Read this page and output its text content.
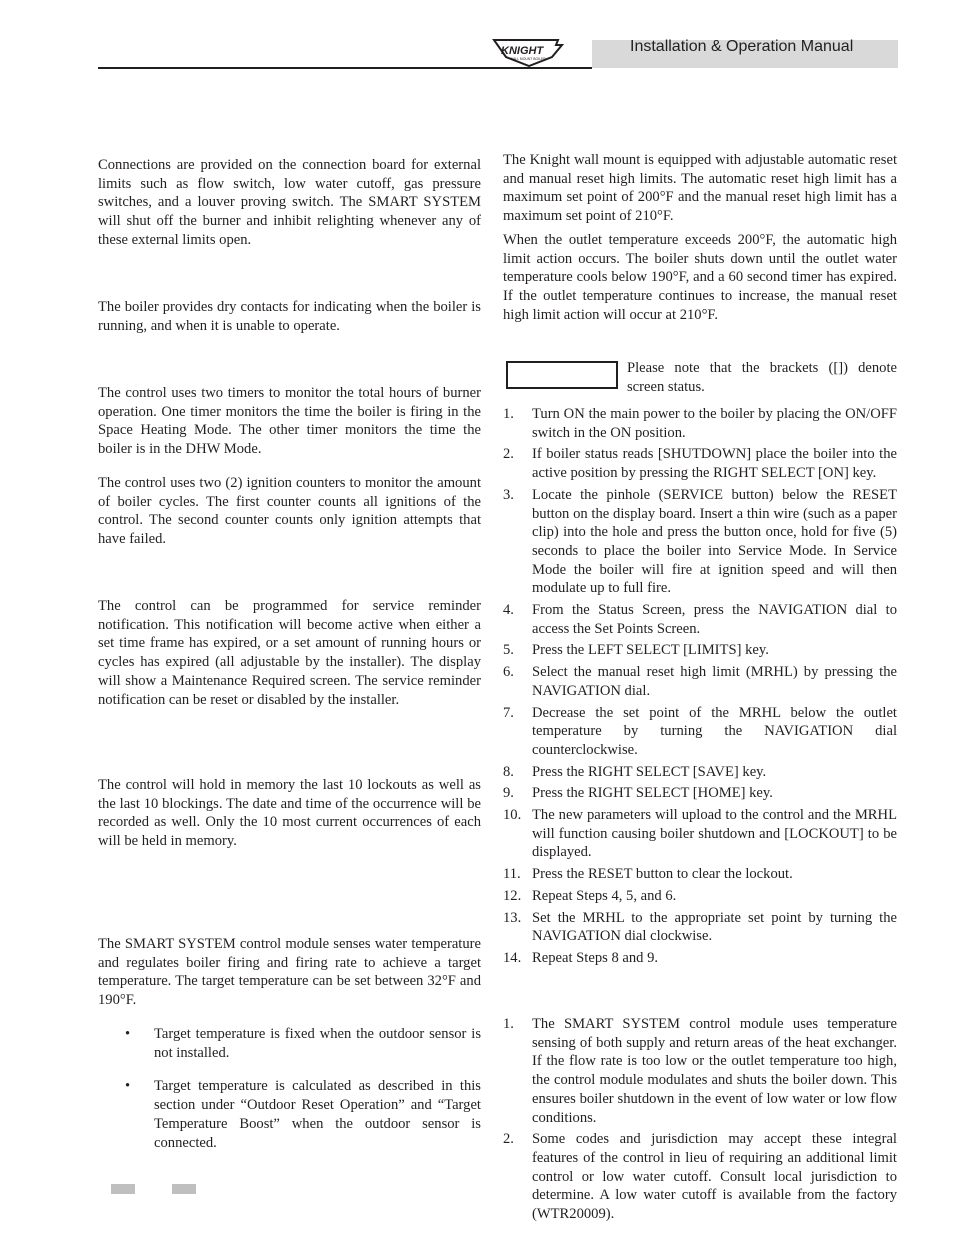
KNIGHT
WALL MOUNT BOILER
Installation & Operation Manual

Connections are provided on the connection board for external limits such as flow switch, low water cutoff, gas pressure switches, and a louver proving switch. The SMART SYSTEM will shut off the burner and inhibit relighting whenever any of these external limits open.

The boiler provides dry contacts for indicating when the boiler is running, and when it is unable to operate.

The control uses two timers to monitor the total hours of burner operation. One timer monitors the time the boiler is firing in the Space Heating Mode. The other timer monitors the time the boiler is in the DHW Mode.

The control uses two (2) ignition counters to monitor the amount of boiler cycles. The first counter counts all ignitions of the control. The second counter counts only ignition attempts that have failed.

The control can be programmed for service reminder notification. This notification will become active when either a set time frame has expired, or a set amount of running hours or cycles has expired (all adjustable by the installer). The display will show a Maintenance Required screen. The service reminder notification can be reset or disabled by the installer.

The control will hold in memory the last 10 lockouts as well as the last 10 blockings. The date and time of the occurrence will be recorded as well. Only the 10 most current occurrences of each will be held in memory.

The SMART SYSTEM control module senses water temperature and regulates boiler firing and firing rate to achieve a target temperature. The target temperature can be set between 32°F and 190°F.

• Target temperature is fixed when the outdoor sensor is not installed.
• Target temperature is calculated as described in this section under “Outdoor Reset Operation” and “Target Temperature Boost” when the outdoor sensor is connected.

The Knight wall mount is equipped with adjustable automatic reset and manual reset high limits. The automatic reset high limit has a maximum set point of 200°F and the manual reset high limit has a maximum set point of 210°F.

When the outlet temperature exceeds 200°F, the automatic high limit action occurs. The boiler shuts down until the outlet water temperature cools below 190°F, and a 60 second timer has expired. If the outlet temperature continues to increase, the manual reset high limit action will occur at 210°F.

Please note that the brackets ([]) denote screen status.

1. Turn ON the main power to the boiler by placing the ON/OFF switch in the ON position.
2. If boiler status reads [SHUTDOWN] place the boiler into the active position by pressing the RIGHT SELECT [ON] key.
3. Locate the pinhole (SERVICE button) below the RESET button on the display board. Insert a thin wire (such as a paper clip) into the hole and press the button once, hold for five (5) seconds to place the boiler into Service Mode. In Service Mode the boiler will fire at ignition speed and will then modulate up to full fire.
4. From the Status Screen, press the NAVIGATION dial to access the Set Points Screen.
5. Press the LEFT SELECT [LIMITS] key.
6. Select the manual reset high limit (MRHL) by pressing the NAVIGATION dial.
7. Decrease the set point of the MRHL below the outlet temperature by turning the NAVIGATION dial counterclockwise.
8. Press the RIGHT SELECT [SAVE] key.
9. Press the RIGHT SELECT [HOME] key.
10. The new parameters will upload to the control and the MRHL will function causing boiler shutdown and [LOCKOUT] to be displayed.
11. Press the RESET button to clear the lockout.
12. Repeat Steps 4, 5, and 6.
13. Set the MRHL to the appropriate set point by turning the NAVIGATION dial clockwise.
14. Repeat Steps 8 and 9.
1. The SMART SYSTEM control module uses temperature sensing of both supply and return areas of the heat exchanger. If the flow rate is too low or the outlet temperature too high, the control module modulates and shuts the boiler down. This ensures boiler shutdown in the event of low water or low flow conditions.
2. Some codes and jurisdiction may accept these integral features of the control in lieu of requiring an additional limit control or low water cutoff. Consult local jurisdiction to determine. A low water cutoff is available from the factory (WTR20009).
